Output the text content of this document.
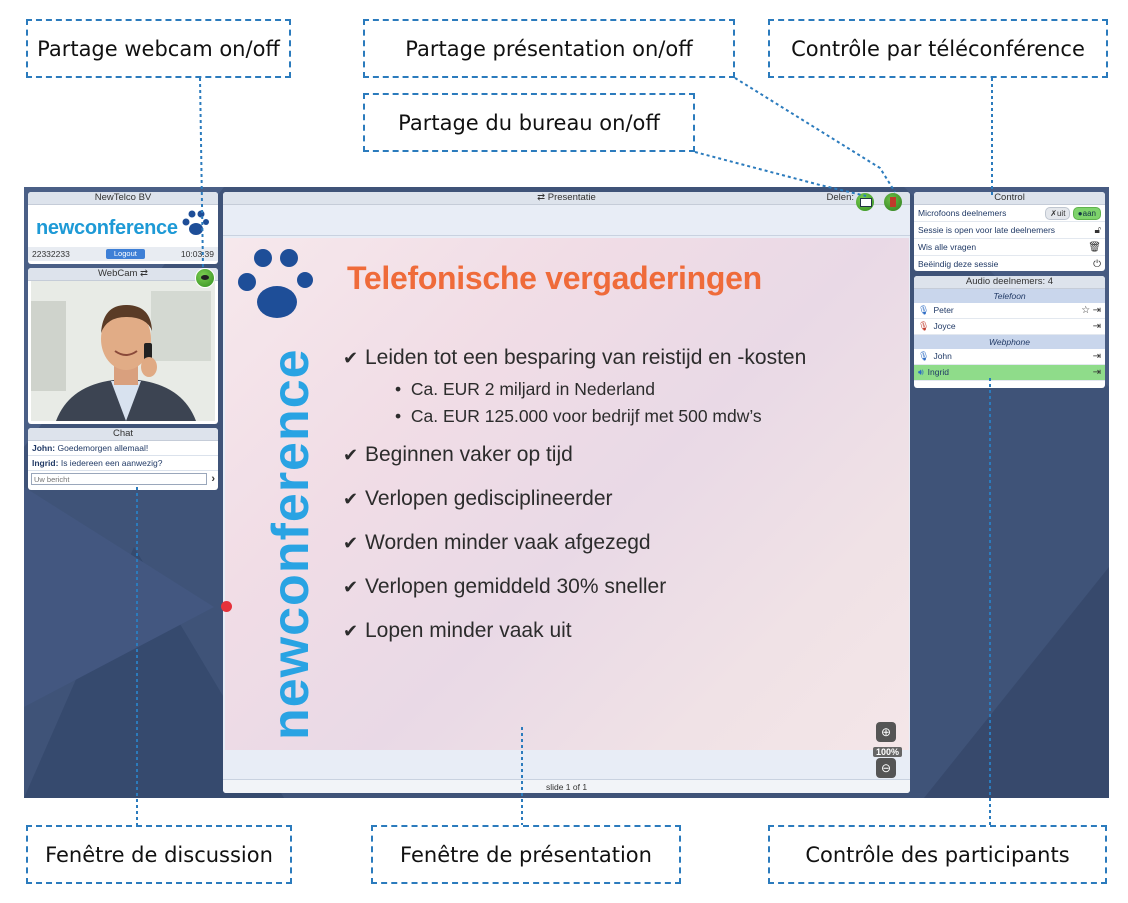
NewTelco BV
newconference
22332233	Logout	10:03:39
WebCam ⇄
Chat
John: Goedemorgen allemaal!
Ingrid: Is iedereen een aanwezig?
Uw bericht
›
⇄ Presentatie	Delen:
newconference
Telefonische vergaderingen
✔ Leiden tot een besparing van reistijd en -kosten
•  Ca. EUR 2 miljard in Nederland
•  Ca. EUR 125.000 voor bedrijf met 500 mdw’s
✔ Beginnen vaker op tijd
✔ Verlopen gedisciplineerder
✔ Worden minder vaak afgezegd
✔ Verlopen gemiddeld 30% sneller
✔ Lopen minder vaak uit
⊕
100%
⊖
slide 1 of 1
Control
Microfoons deelnemers	✗uit ●aan
Sessie is open voor late deelnemers	🔓︎
Wis alle vragen	🗑︎
Beëindig deze sessie	⏻
Audio deelnemers: 4
Telefoon
🎙︎ Peter	☆ ⇥
🎙︎ Joyce	⇥
Webphone
🎙︎ John	⇥
🔊︎ Ingrid	⇥
Partage webcam on/off	Partage présentation on/off	Contrôle par téléconférence
Partage du bureau on/off
Fenêtre de discussion	Fenêtre de présentation	Contrôle des participants
